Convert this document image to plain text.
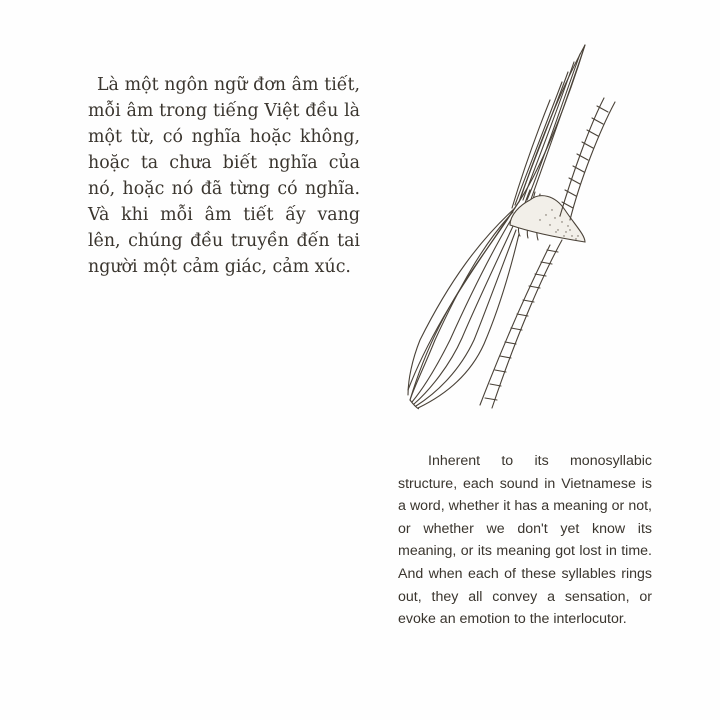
Là một ngôn ngữ đơn âm tiết, mỗi âm trong tiếng Việt đều là một từ, có nghĩa hoặc không, hoặc ta chưa biết nghĩa của nó, hoặc nó đã từng có nghĩa. Và khi mỗi âm tiết ấy vang lên, chúng đều truyền đến tai người một cảm giác, cảm xúc.

Inherent to its monosyllabic structure, each sound in Vietnamese is a word, whether it has a meaning or not, or whether we don't yet know its meaning, or its meaning got lost in time. And when each of these syllables rings out, they all convey a sensation, or evoke an emotion to the interlocutor.
